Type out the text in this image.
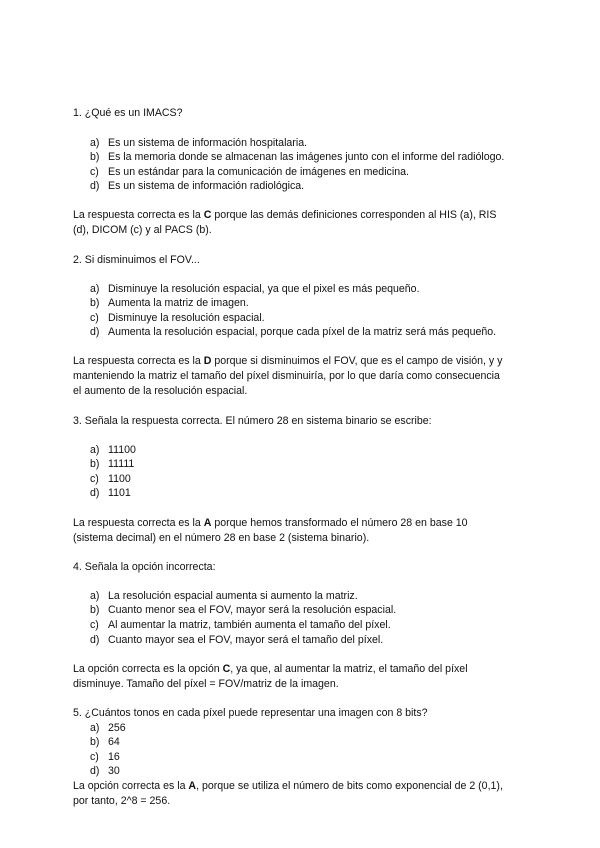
1. ¿Qué es un IMACS?
a) Es un sistema de información hospitalaria.
b) Es la memoria donde se almacenan las imágenes junto con el informe del radiólogo.
c) Es un estándar para la comunicación de imágenes en medicina.
d) Es un sistema de información radiológica.
La respuesta correcta es la C porque las demás definiciones corresponden al HIS (a), RIS
(d), DICOM (c) y al PACS (b).
2. Si disminuimos el FOV...
a) Disminuye la resolución espacial, ya que el pixel es más pequeño.
b) Aumenta la matriz de imagen.
c) Disminuye la resolución espacial.
d) Aumenta la resolución espacial, porque cada píxel de la matriz será más pequeño.
La respuesta correcta es la D porque si disminuimos el FOV, que es el campo de visión, y y
manteniendo la matriz el tamaño del píxel disminuiría, por lo que daría como consecuencia
el aumento de la resolución espacial.
3. Señala la respuesta correcta. El número 28 en sistema binario se escribe:
a) 11100
b) 11111
c) 1100
d) 1101
La respuesta correcta es la A porque hemos transformado el número 28 en base 10
(sistema decimal) en el número 28 en base 2 (sistema binario).
4. Señala la opción incorrecta:
a) La resolución espacial aumenta si aumento la matriz.
b) Cuanto menor sea el FOV, mayor será la resolución espacial.
c) Al aumentar la matriz, también aumenta el tamaño del píxel.
d) Cuanto mayor sea el FOV, mayor será el tamaño del píxel.
La opción correcta es la opción C, ya que, al aumentar la matriz, el tamaño del píxel
disminuye. Tamaño del píxel = FOV/matriz de la imagen.
5. ¿Cuántos tonos en cada píxel puede representar una imagen con 8 bits?
a) 256
b) 64
c) 16
d) 30
La opción correcta es la A, porque se utiliza el número de bits como exponencial de 2 (0,1),
por tanto, 2^8 = 256.
